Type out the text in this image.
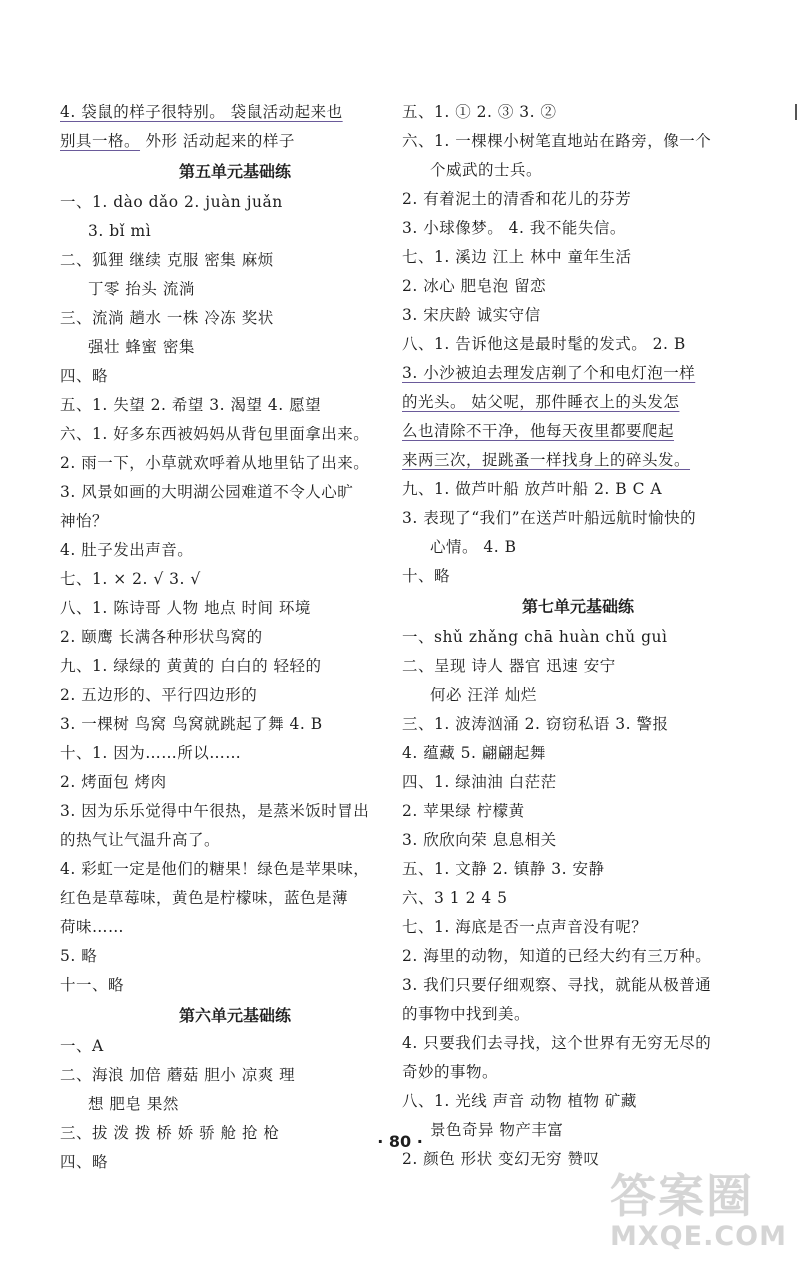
4. 袋鼠的样子很特别。 袋鼠活动起来也
别具一格。 外形 活动起来的样子
第五单元基础练
一、1. dào dǎo 2. juàn juǎn
3. bǐ mì
二、狐狸 继续 克服 密集 麻烦
丁零 抬头 流淌
三、流淌 趟水 一株 冷冻 奖状
强壮 蜂蜜 密集
四、略
五、1. 失望 2. 希望 3. 渴望 4. 愿望
六、1. 好多东西被妈妈从背包里面拿出来。
2. 雨一下，小草就欢呼着从地里钻了出来。
3. 风景如画的大明湖公园难道不令人心旷
神怡？
4. 肚子发出声音。
七、1. × 2. √ 3. √
八、1. 陈诗哥 人物 地点 时间 环境
2. 颐鹰 长满各种形状鸟窝的
九、1. 绿绿的 黄黄的 白白的 轻轻的
2. 五边形的、平行四边形的
3. 一棵树 鸟窝 鸟窝就跳起了舞 4. B
十、1. 因为……所以……
2. 烤面包 烤肉
3. 因为乐乐觉得中午很热，是蒸米饭时冒出
的热气让气温升高了。
4. 彩虹一定是他们的糖果！绿色是苹果味，
红色是草莓味，黄色是柠檬味，蓝色是薄
荷味……
5. 略
十一、略
第六单元基础练
一、A
二、海浪 加倍 蘑菇 胆小 凉爽 理
想 肥皂 果然
三、拔 泼 拨 桥 娇 骄 舱 抢 枪
四、略
五、1. ① 2. ③ 3. ②
六、1. 一棵棵小树笔直地站在路旁，像一个
个威武的士兵。
2. 有着泥土的清香和花儿的芬芳
3. 小球像梦。 4. 我不能失信。
七、1. 溪边 江上 林中 童年生活
2. 冰心 肥皂泡 留恋
3. 宋庆龄 诚实守信
八、1. 告诉他这是最时髦的发式。 2. B
3. 小沙被迫去理发店剃了个和电灯泡一样
的光头。 姑父呢，那件睡衣上的头发怎
么也清除不干净，他每天夜里都要爬起
来两三次，捉跳蚤一样找身上的碎头发。
九、1. 做芦叶船 放芦叶船 2. B C A
3. 表现了“我们”在送芦叶船远航时愉快的
心情。 4. B
十、略
第七单元基础练
一、shǔ zhǎng chā huàn chǔ guì
二、呈现 诗人 器官 迅速 安宁
何必 汪洋 灿烂
三、1. 波涛汹涌 2. 窃窃私语 3. 警报
4. 蕴藏 5. 翩翩起舞
四、1. 绿油油 白茫茫
2. 苹果绿 柠檬黄
3. 欣欣向荣 息息相关
五、1. 文静 2. 镇静 3. 安静
六、3 1 2 4 5
七、1. 海底是否一点声音没有呢？
2. 海里的动物，知道的已经大约有三万种。
3. 我们只要仔细观察、寻找，就能从极普通
的事物中找到美。
4. 只要我们去寻找，这个世界有无穷无尽的
奇妙的事物。
八、1. 光线 声音 动物 植物 矿藏
景色奇异 物产丰富
2. 颜色 形状 变幻无穷 赞叹
· 80 ·
答案圈
MXQE.COM
